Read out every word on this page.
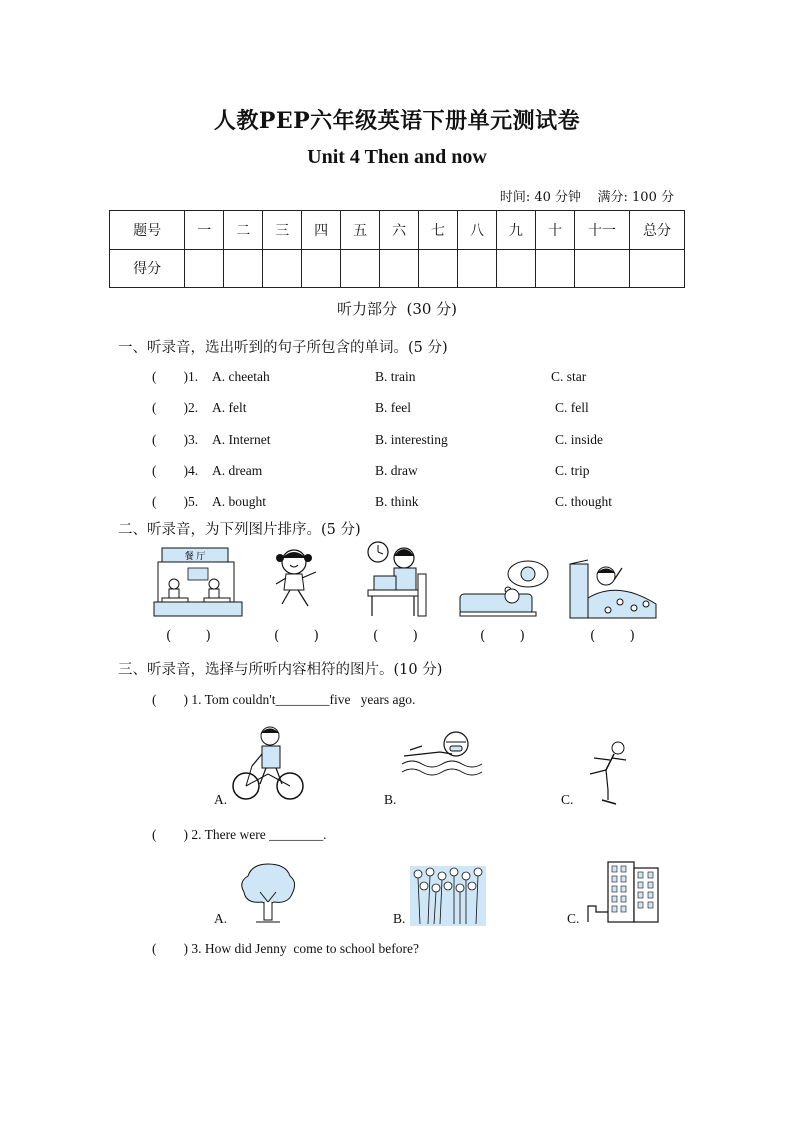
人教PEP六年级英语下册单元测试卷
Unit 4 Then and now
时间: 40 分钟    满分: 100 分
题号	一	二	三	四	五	六	七	八	九	十	十一	总分
得分												
听力部分  (30 分)
一、听录音，选出听到的句子所包含的单词。(5 分)
(        )1. A. cheetah	B. train	C. star
(        )2. A. felt	B. feel	C. fell
(        )3. A. Internet	B. interesting	C. inside
(        )4. A. dream	B. draw	C. trip
(        )5. A. bought	B. think	C. thought
二、听录音，为下列图片排序。(5 分)
餐 厅
(        )	(        )	(        )	(        )	(        )
三、听录音，选择与所听内容相符的图片。(10 分)
(        ) 1. Tom couldn't________five   years ago.
A.	B.	C.
(        ) 2. There were ________.
A.	B.	C.
(        ) 3. How did Jenny  come to school before?
